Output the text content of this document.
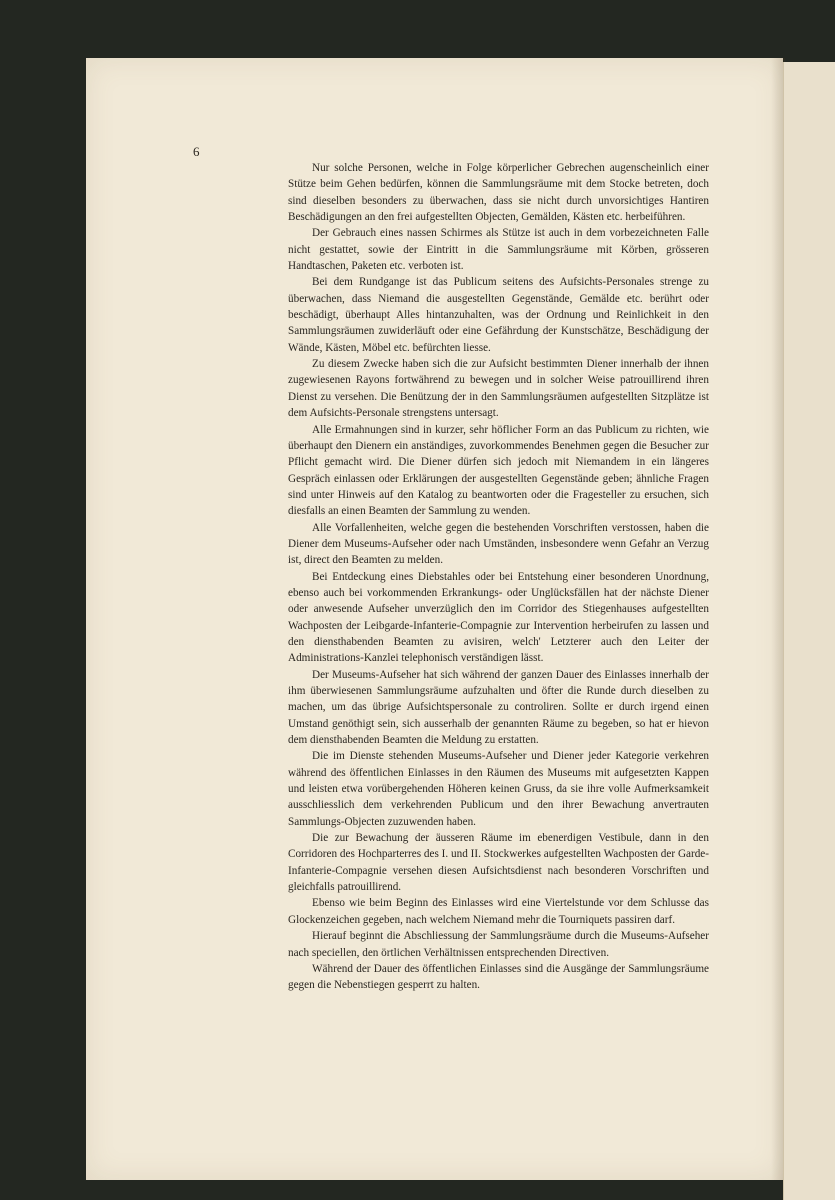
6

Nur solche Personen, welche in Folge körperlicher Gebrechen augenscheinlich einer Stütze beim Gehen bedürfen, können die Sammlungsräume mit dem Stocke betreten, doch sind dieselben besonders zu überwachen, dass sie nicht durch unvorsichtiges Hantiren Beschädigungen an den frei aufgestellten Objecten, Gemälden, Kästen etc. herbeiführen.

Der Gebrauch eines nassen Schirmes als Stütze ist auch in dem vorbezeichneten Falle nicht gestattet, sowie der Eintritt in die Sammlungsräume mit Körben, grösseren Handtaschen, Paketen etc. verboten ist.

Bei dem Rundgange ist das Publicum seitens des Aufsichts-Personales strenge zu überwachen, dass Niemand die ausgestellten Gegenstände, Gemälde etc. berührt oder beschädigt, überhaupt Alles hintanzuhalten, was der Ordnung und Reinlichkeit in den Sammlungsräumen zuwiderläuft oder eine Gefährdung der Kunstschätze, Beschädigung der Wände, Kästen, Möbel etc. befürchten liesse.

Zu diesem Zwecke haben sich die zur Aufsicht bestimmten Diener innerhalb der ihnen zugewiesenen Rayons fortwährend zu bewegen und in solcher Weise patrouillirend ihren Dienst zu versehen. Die Benützung der in den Sammlungsräumen aufgestellten Sitzplätze ist dem Aufsichts-Personale strengstens untersagt.

Alle Ermahnungen sind in kurzer, sehr höflicher Form an das Publicum zu richten, wie überhaupt den Dienern ein anständiges, zuvorkommendes Benehmen gegen die Besucher zur Pflicht gemacht wird. Die Diener dürfen sich jedoch mit Niemandem in ein längeres Gespräch einlassen oder Erklärungen der ausgestellten Gegenstände geben; ähnliche Fragen sind unter Hinweis auf den Katalog zu beantworten oder die Fragesteller zu ersuchen, sich diesfalls an einen Beamten der Sammlung zu wenden.

Alle Vorfallenheiten, welche gegen die bestehenden Vorschriften verstossen, haben die Diener dem Museums-Aufseher oder nach Umständen, insbesondere wenn Gefahr an Verzug ist, direct den Beamten zu melden.

Bei Entdeckung eines Diebstahles oder bei Entstehung einer besonderen Unordnung, ebenso auch bei vorkommenden Erkrankungs- oder Unglücksfällen hat der nächste Diener oder anwesende Aufseher unverzüglich den im Corridor des Stiegenhauses aufgestellten Wachposten der Leibgarde-Infanterie-Compagnie zur Intervention herbeirufen zu lassen und den diensthabenden Beamten zu avisiren, welch' Letzterer auch den Leiter der Administrations-Kanzlei telephonisch verständigen lässt.

Der Museums-Aufseher hat sich während der ganzen Dauer des Einlasses innerhalb der ihm überwiesenen Sammlungsräume aufzuhalten und öfter die Runde durch dieselben zu machen, um das übrige Aufsichtspersonale zu controliren. Sollte er durch irgend einen Umstand genöthigt sein, sich ausserhalb der genannten Räume zu begeben, so hat er hievon dem diensthabenden Beamten die Meldung zu erstatten.

Die im Dienste stehenden Museums-Aufseher und Diener jeder Kategorie verkehren während des öffentlichen Einlasses in den Räumen des Museums mit aufgesetzten Kappen und leisten etwa vorübergehenden Höheren keinen Gruss, da sie ihre volle Aufmerksamkeit ausschliesslich dem verkehrenden Publicum und den ihrer Bewachung anvertrauten Sammlungs-Objecten zuzuwenden haben.

Die zur Bewachung der äusseren Räume im ebenerdigen Vestibule, dann in den Corridoren des Hochparterres des I. und II. Stockwerkes aufgestellten Wachposten der Garde-Infanterie-Compagnie versehen diesen Aufsichtsdienst nach besonderen Vorschriften und gleichfalls patrouillirend.

Ebenso wie beim Beginn des Einlasses wird eine Viertelstunde vor dem Schlusse das Glockenzeichen gegeben, nach welchem Niemand mehr die Tourniquets passiren darf.

Hierauf beginnt die Abschliessung der Sammlungsräume durch die Museums-Aufseher nach speciellen, den örtlichen Verhältnissen entsprechenden Directiven.

Während der Dauer des öffentlichen Einlasses sind die Ausgänge der Sammlungsräume gegen die Nebenstiegen gesperrt zu halten.
